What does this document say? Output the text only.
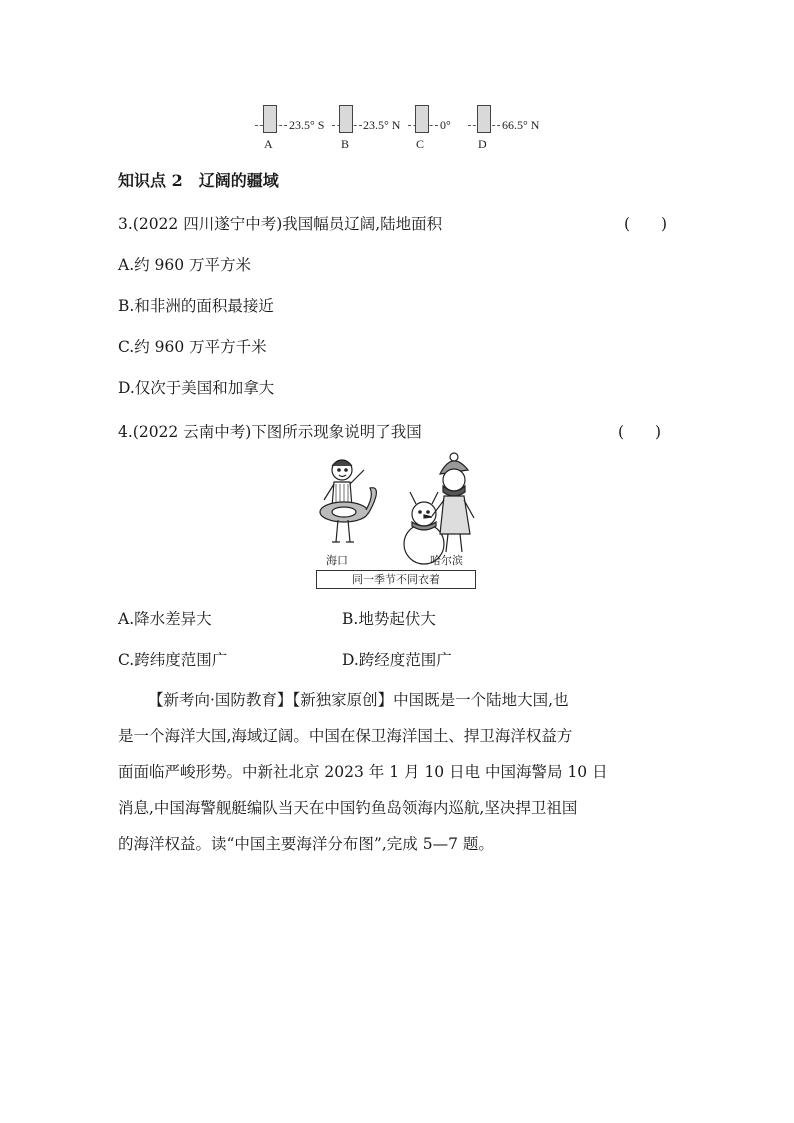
23.5° S
A
23.5° N
B
0°
C
66.5° N
D
知识点 2　辽阔的疆域
3.(2022 四川遂宁中考)我国幅员辽阔,陆地面积	(　　)
A.约 960 万平方米
B.和非洲的面积最接近
C.约 960 万平方千米
D.仅次于美国和加拿大
4.(2022 云南中考)下图所示现象说明了我国	(　　)
海口	哈尔滨
同一季节不同衣着
A.降水差异大	B.地势起伏大
C.跨纬度范围广	D.跨经度范围广

【新考向·国防教育】【新独家原创】中国既是一个陆地大国,也

是一个海洋大国,海域辽阔。中国在保卫海洋国土、捍卫海洋权益方

面面临严峻形势。中新社北京 2023 年 1 月 10 日电 中国海警局 10 日

消息,中国海警舰艇编队当天在中国钓鱼岛领海内巡航,坚决捍卫祖国

的海洋权益。读“中国主要海洋分布图”,完成 5—7 题。
